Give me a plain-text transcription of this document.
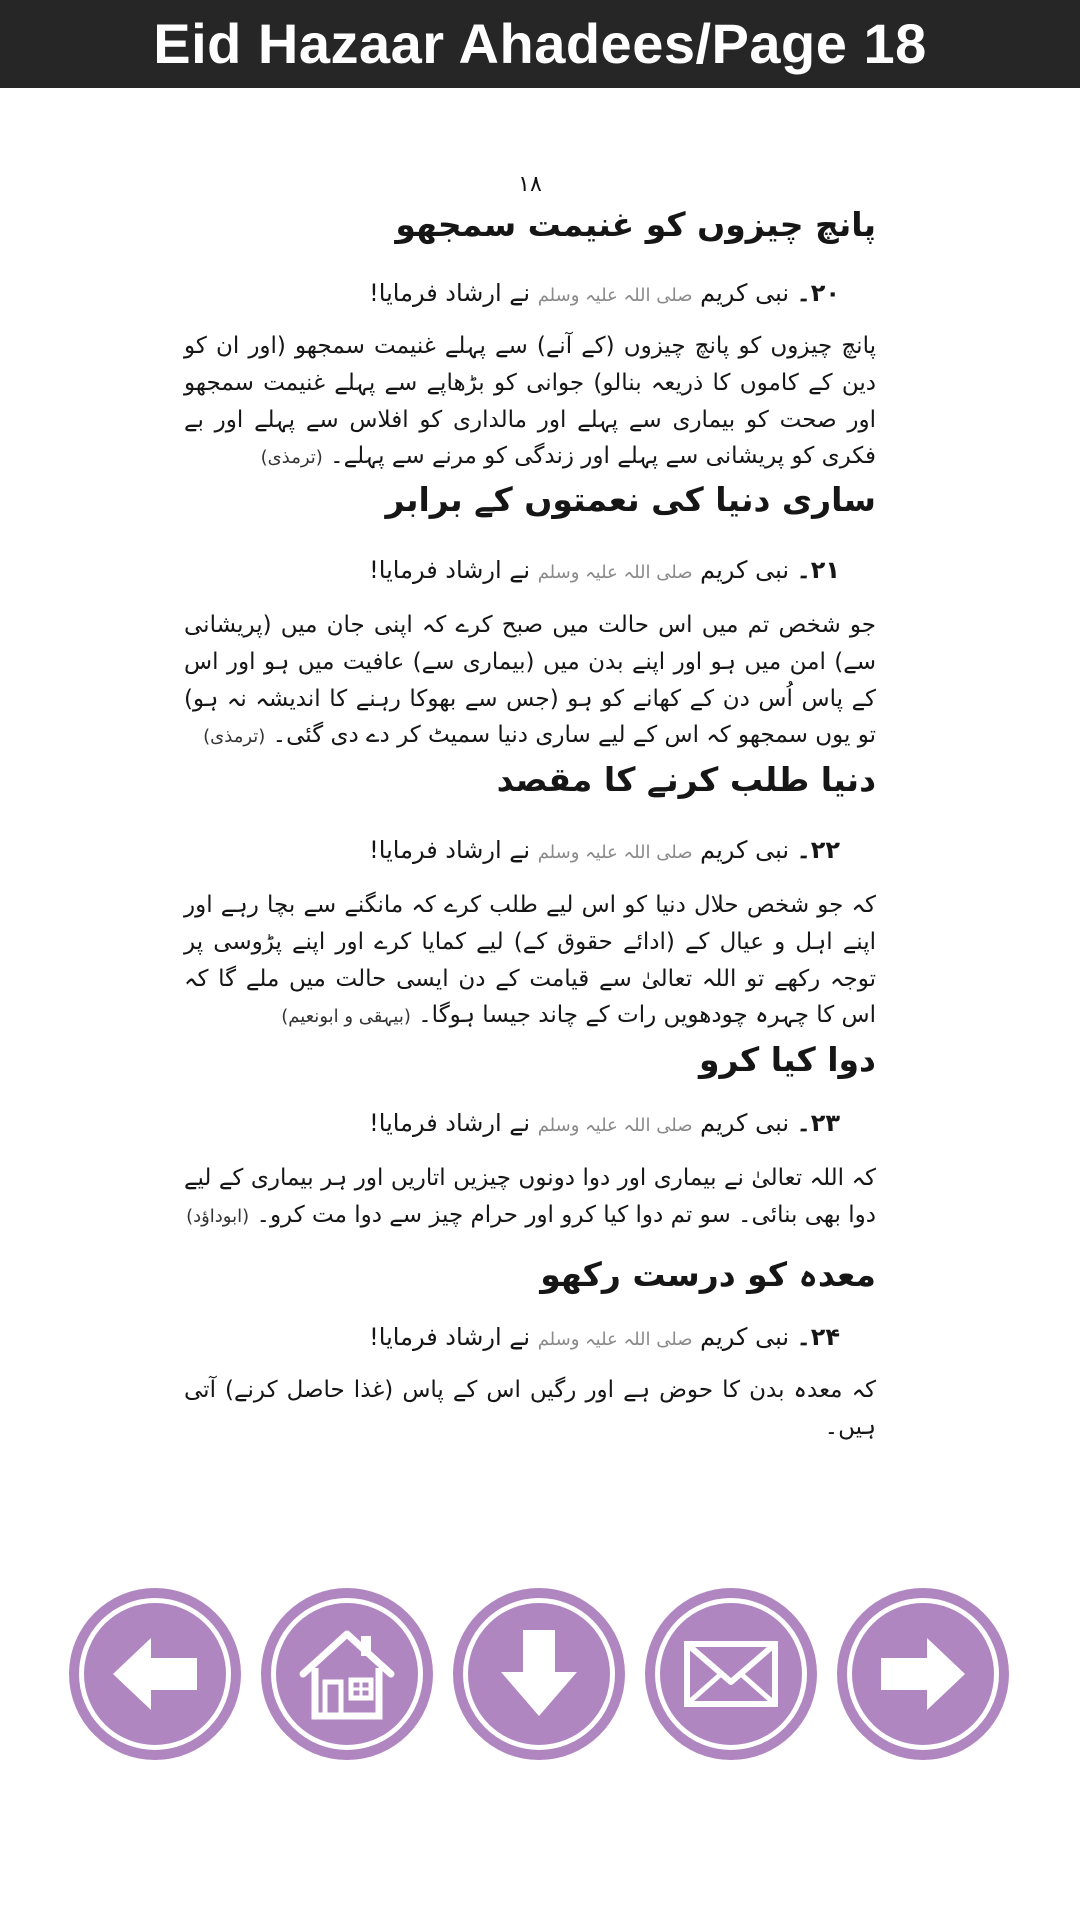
Eid Hazaar Ahadees/Page 18
۱۸
پانچ چیزوں کو غنیمت سمجھو
۲۰۔ نبی کریم صلی اللہ علیہ وسلم نے ارشاد فرمایا!
پانچ چیزوں کو پانچ چیزوں (کے آنے) سے پہلے غنیمت سمجھو (اور ان کو دین کے کاموں کا ذریعہ بنالو) جوانی کو بڑھاپے سے پہلے غنیمت سمجھو اور صحت کو بیماری سے پہلے اور مالداری کو افلاس سے پہلے اور بے فکری کو پریشانی سے پہلے اور زندگی کو مرنے سے پہلے۔ (ترمذی)
ساری دنیا کی نعمتوں کے برابر
۲۱۔ نبی کریم صلی اللہ علیہ وسلم نے ارشاد فرمایا!
جو شخص تم میں اس حالت میں صبح کرے کہ اپنی جان میں (پریشانی سے) امن میں ہو اور اپنے بدن میں (بیماری سے) عافیت میں ہو اور اس کے پاس اُس دن کے کھانے کو ہو (جس سے بھوکا رہنے کا اندیشہ نہ ہو) تو یوں سمجھو کہ اس کے لیے ساری دنیا سمیٹ کر دے دی گئی۔ (ترمذی)
دنیا طلب کرنے کا مقصد
۲۲۔ نبی کریم صلی اللہ علیہ وسلم نے ارشاد فرمایا!
کہ جو شخص حلال دنیا کو اس لیے طلب کرے کہ مانگنے سے بچا رہے اور اپنے اہل و عیال کے (ادائے حقوق کے) لیے کمایا کرے اور اپنے پڑوسی پر توجہ رکھے تو اللہ تعالیٰ سے قیامت کے دن ایسی حالت میں ملے گا کہ اس کا چہرہ چودھویں رات کے چاند جیسا ہوگا۔ (بیہقی و ابونعیم)
دوا کیا کرو
۲۳۔ نبی کریم صلی اللہ علیہ وسلم نے ارشاد فرمایا!
کہ اللہ تعالیٰ نے بیماری اور دوا دونوں چیزیں اتاریں اور ہر بیماری کے لیے دوا بھی بنائی۔ سو تم دوا کیا کرو اور حرام چیز سے دوا مت کرو۔ (ابوداؤد)
معدہ کو درست رکھو
۲۴۔ نبی کریم صلی اللہ علیہ وسلم نے ارشاد فرمایا!
کہ معدہ بدن کا حوض ہے اور رگیں اس کے پاس (غذا حاصل کرنے) آتی ہیں۔
